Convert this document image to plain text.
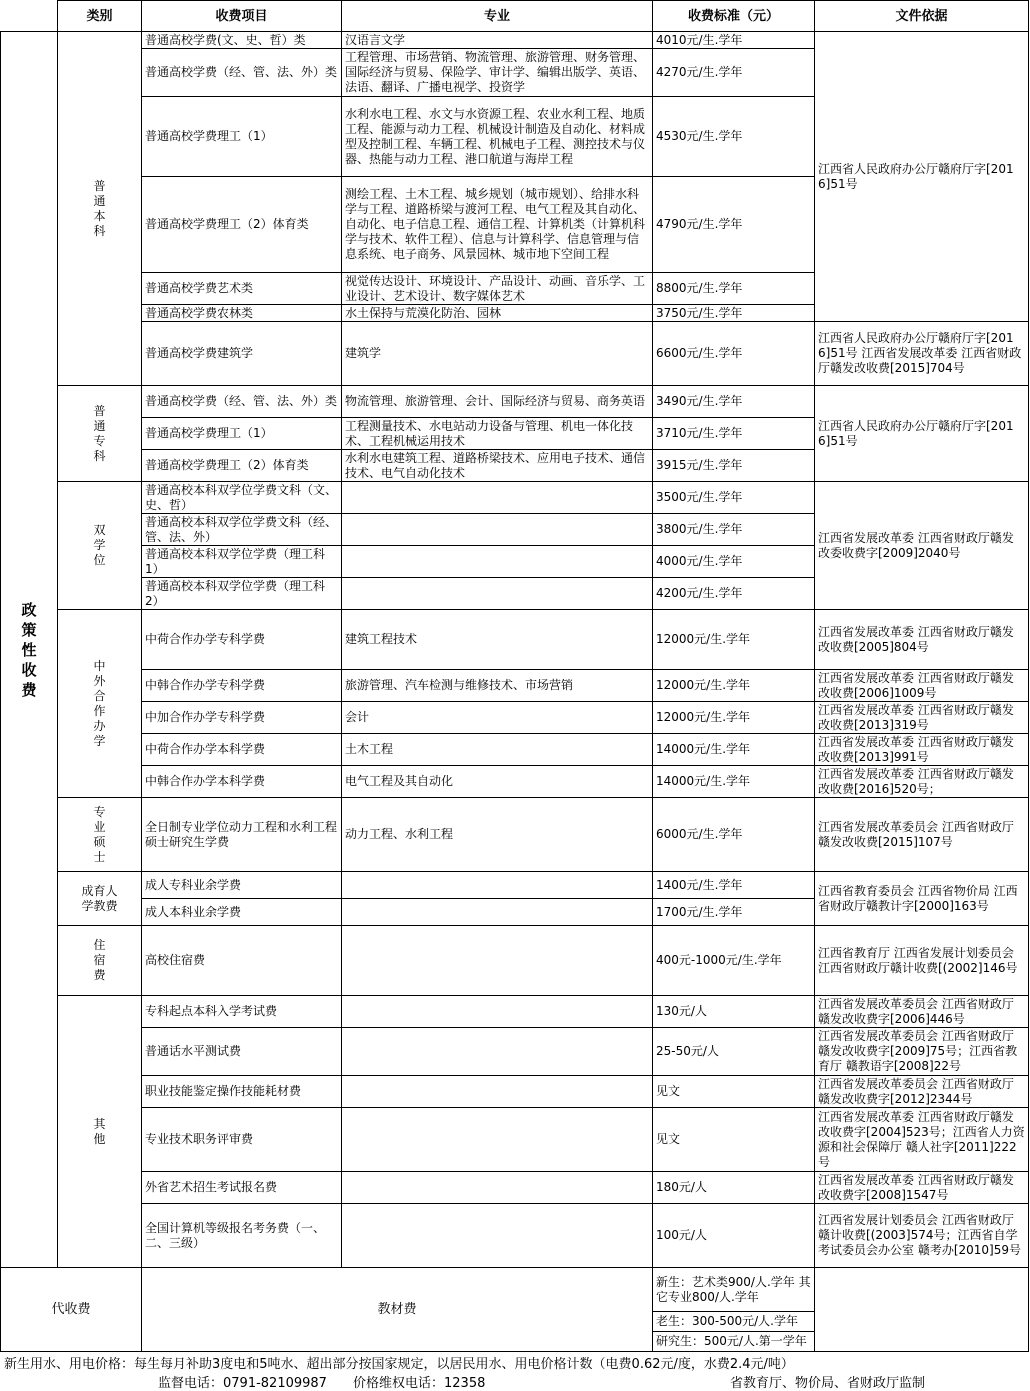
	类别	收费项目	专业	收费标准（元）	文件依据

政策性收费	普通本科	普通高校学费(文、史、哲）类	汉语言文学	4010元/生.学年	江西省人民政府办公厅赣府厅字[2016]51号
		普通高校学费（经、管、法、外）类	工程管理、市场营销、物流管理、旅游管理、财务管理、国际经济与贸易、保险学、审计学、编辑出版学、英语、法语、翻译、广播电视学、投资学	4270元/生.学年	
		普通高校学费理工（1）	水利水电工程、水文与水资源工程、农业水利工程、地质工程、能源与动力工程、机械设计制造及自动化、材料成型及控制工程、车辆工程、机械电子工程、测控技术与仪器、热能与动力工程、港口航道与海岸工程	4530元/生.学年	
		普通高校学费理工（2）体育类	测绘工程、土木工程、城乡规划（城市规划）、给排水科学与工程、道路桥梁与渡河工程、电气工程及其自动化、自动化、电子信息工程、通信工程、计算机类（计算机科学与技术、软件工程）、信息与计算科学、信息管理与信息系统、电子商务、风景园林、城市地下空间工程	4790元/生.学年	
		普通高校学费艺术类	视觉传达设计、环境设计、产品设计、动画、音乐学、工业设计、艺术设计、数字媒体艺术	8800元/生.学年	
		普通高校学费农林类	水土保持与荒漠化防治、园林	3750元/生.学年	
		普通高校学费建筑学	建筑学	6600元/生.学年	江西省人民政府办公厅赣府厅字[2016]51号 江西省发展改革委 江西省财政厅赣发改收费[2015]704号

	普通专科	普通高校学费（经、管、法、外）类	物流管理、旅游管理、会计、国际经济与贸易、商务英语	3490元/生.学年	江西省人民政府办公厅赣府厅字[2016]51号
		普通高校学费理工（1）	工程测量技术、水电站动力设备与管理、机电一体化技术、工程机械运用技术	3710元/生.学年	
		普通高校学费理工（2）体育类	水利水电建筑工程、道路桥梁技术、应用电子技术、通信技术、电气自动化技术	3915元/生.学年	

	双学位	普通高校本科双学位学费文科（文、史、哲）		3500元/生.学年	江西省发展改革委 江西省财政厅赣发改委收费字[2009]2040号
		普通高校本科双学位学费文科（经、管、法、外）		3800元/生.学年	
		普通高校本科双学位学费（理工科1）		4000元/生.学年	
		普通高校本科双学位学费（理工科2）		4200元/生.学年	

	中外合作办学	中荷合作办学专科学费	建筑工程技术	12000元/生.学年	江西省发展改革委 江西省财政厅赣发改收费[2005]804号
		中韩合作办学专科学费	旅游管理、汽车检测与维修技术、市场营销	12000元/生.学年	江西省发展改革委 江西省财政厅赣发改收费[2006]1009号
		中加合作办学专科学费	会计	12000元/生.学年	江西省发展改革委 江西省财政厅赣发改收费[2013]319号
		中荷合作办学本科学费	土木工程	14000元/生.学年	江西省发展改革委 江西省财政厅赣发改收费[2013]991号
		中韩合作办学本科学费	电气工程及其自动化	14000元/生.学年	江西省发展改革委 江西省财政厅赣发改收费[2016]520号；

	专业硕士	全日制专业学位动力工程和水利工程硕士研究生学费	动力工程、水利工程	6000元/生.学年	江西省发展改革委员会 江西省财政厅赣发改收费[2015]107号

	成育人学教费	成人专科业余学费		1400元/生.学年	江西省教育委员会 江西省物价局 江西省财政厅赣教计字[2000]163号
		成人本科业余学费		1700元/生.学年	

	住宿费	高校住宿费		400元-1000元/生.学年	江西省教育厅 江西省发展计划委员会 江西省财政厅赣计收费[(2002]146号

	其他	专科起点本科入学考试费		130元/人	江西省发展改革委员会 江西省财政厅赣发改收费字[2006]446号
		普通话水平测试费		25-50元/人	江西省发展改革委员会 江西省财政厅赣发改收费字[2009]75号；江西省教育厅 赣教语字[2008]22号
		职业技能鉴定操作技能耗材费		见文	江西省发展改革委员会 江西省财政厅赣发改收费字[2012]2344号
		专业技术职务评审费		见文	江西省发展改革委 江西省财政厅赣发改收费字[2004]523号；江西省人力资源和社会保障厅 赣人社字[2011]222号
		外省艺术招生考试报名费		180元/人	江西省发展改革委 江西省财政厅赣发改收费字[2008]1547号
		全国计算机等级报名考务费（一、二、三级）		100元/人	江西省发展计划委员会 江西省财政厅赣计收费[(2003]574号；江西省自学考试委员会办公室 赣考办[2010]59号
代收费		教材费		新生：艺术类900/人.学年 其它专业800/人.学年	
				老生：300-500元/人.学年	
				研究生：500元/人.第一学年	
新生用水、用电价格：每生每月补助3度电和5吨水、超出部分按国家规定，以居民用水、用电价格计数（电费0.62元/度，水费2.4元/吨）
监督电话：0791-82109987 价格维权电话：12358	省教育厅、物价局、省财政厅监制
